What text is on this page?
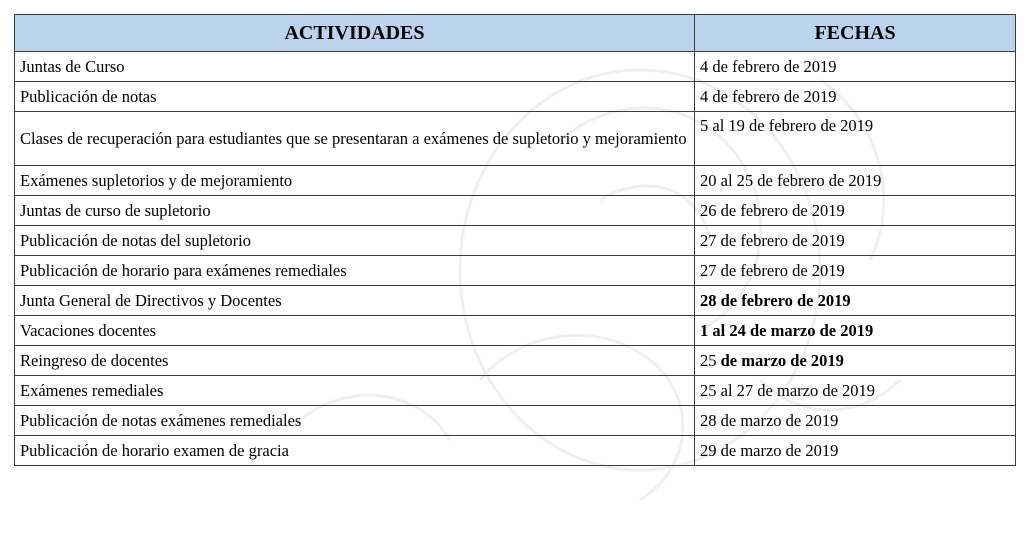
ACTIVIDADES	FECHAS
Juntas de Curso	4 de febrero de 2019
Publicación de notas	4 de febrero de 2019
Clases de recuperación para estudiantes que se presentaran a exámenes de supletorio y mejoramiento	5 al 19 de febrero de 2019
Exámenes supletorios y de mejoramiento	20 al 25 de febrero de 2019
Juntas de curso de supletorio	26 de febrero de 2019
Publicación de notas del supletorio	27 de febrero de 2019
Publicación de horario para exámenes remediales	27 de febrero de 2019
Junta General de Directivos y Docentes	28 de febrero de 2019
Vacaciones docentes	1 al 24 de marzo de 2019
Reingreso de docentes	25 de marzo de 2019
Exámenes remediales	25 al 27 de marzo de 2019
Publicación de notas exámenes remediales	28 de marzo de 2019
Publicación de horario examen de gracia	29 de marzo de 2019
